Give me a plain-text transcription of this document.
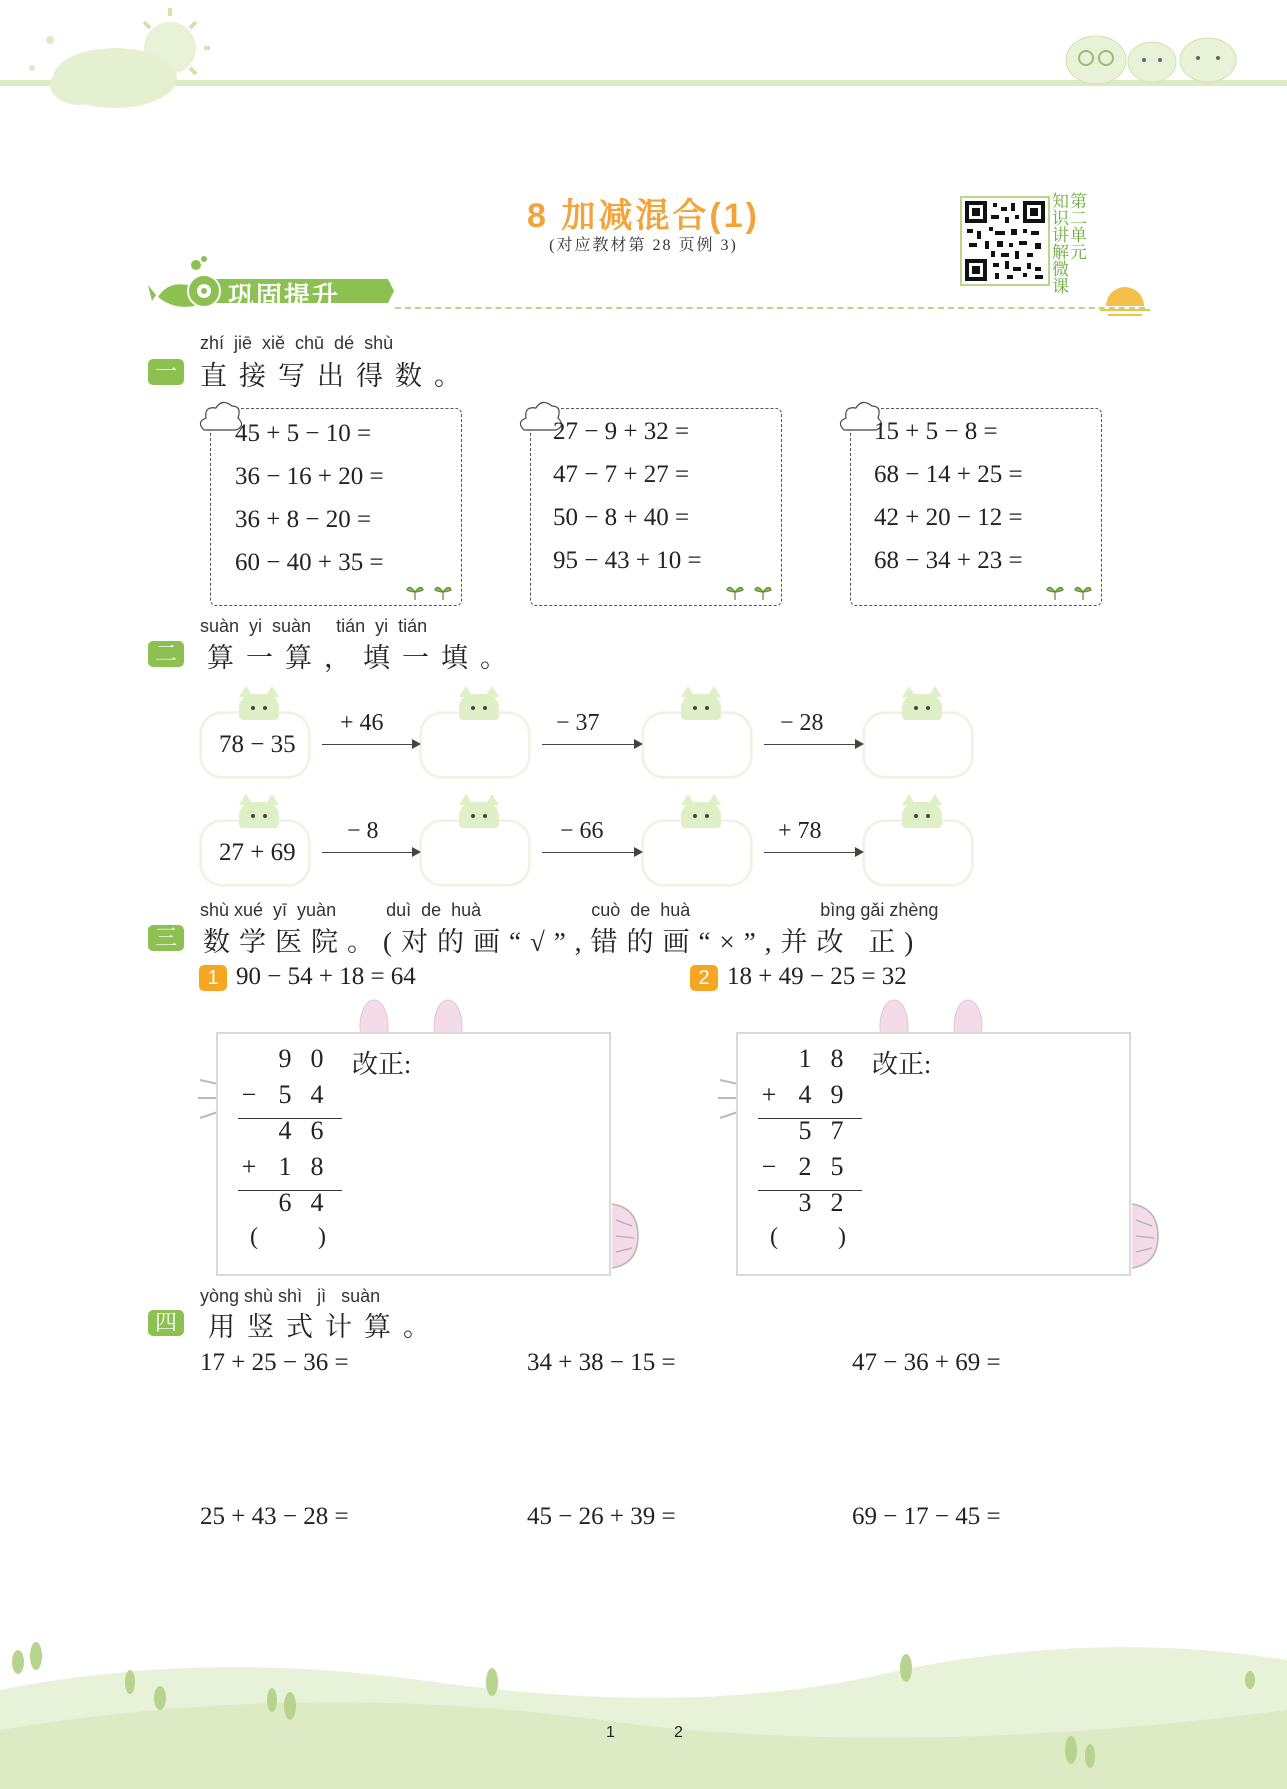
8 加减混合(1)
(对应教材第 28 页例 3)	第二单元
知识讲解微课
巩固提升
zhí  jiē  xiě  chū  dé  shù
一 直接写出得数。
45 + 5 − 10 =
36 − 16 + 20 =
36 + 8 − 20 =
60 − 40 + 35 =
27 − 9 + 32 =
47 − 7 + 27 =
50 − 8 + 40 =
95 − 43 + 10 =
15 + 5 − 8 =
68 − 14 + 25 =
42 + 20 − 12 =
68 − 34 + 23 =
suàn  yi  suàn     tián  yi  tián
二 算一算，填一填。
78 − 35
+ 46	− 37	− 28
27 + 69
− 8	− 66	+ 78
shù xué  yī  yuàn          duì  de  huà                      cuò  de  huà                          bìng gǎi zhèng
三 数学医院。(对的画“√”,错的画“×”,并改 正)
1 90 − 54 + 18 = 64	2 18 + 49 − 25 = 32
9 0
− 5 4
4 6
+ 1 8
6 4
(          )
改正:	1 8
+ 4 9
5 7
− 2 5
3 2
(          )
改正:
yòng shù shì   jì   suàn
四 用竖式计算。
17 + 25 − 36 =	34 + 38 − 15 =	47 − 36 + 69 =
25 + 43 − 28 =	45 − 26 + 39 =	69 − 17 − 45 =
1	2
